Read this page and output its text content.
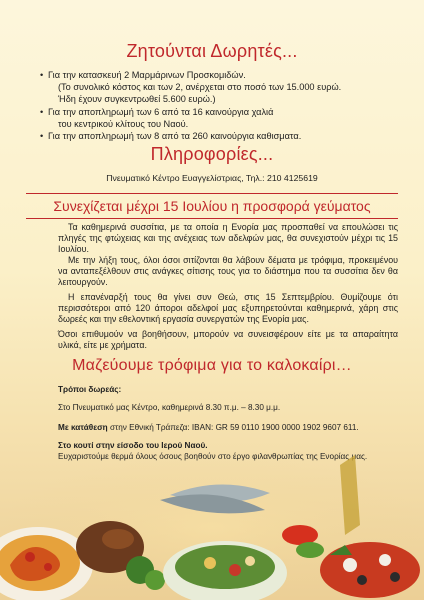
Ζητούνται Δωρητές...
• Για την κατασκευή 2 Μαρμάρινων Προσκομιδών.
(Το συνολικό κόστος και των 2, ανέρχεται στο ποσό των 15.000 ευρώ.
Ήδη έχουν συγκεντρωθεί 5.600 ευρώ.)
• Για την αποπληρωμή των 6 από τα 16 καινούργια χαλιά
του κεντρικού κλίτους του Ναού.
• Για την αποπληρωμή των 8 από τα 260 καινούργια καθισματα.
Πληροφορίες...
Πνευματικό Κέντρο Ευαγγελίστριας, Τηλ.: 210 4125619
Συνεχίζεται μέχρι 15 Ιουλίου η προσφορά γεύματος

Τα καθημερινά συσσίτια, με τα οποία η Ενορία μας προσπαθεί να επουλώσει τις πληγές της φτώχειας και της ανέχειας των αδελφών μας, θα συνεχιστούν μέχρι τις 15 Ιουλίου.

Με την λήξη τους, όλοι όσοι σιτίζονται θα λάβουν δέματα με τρόφιμα, προκειμένου να ανταπεξέλθουν στις ανάγκες σίτισης τους για το διάστημα που τα συσσίτια δεν θα λειτουργούν.

Η επανέναρξή τους θα γίνει συν Θεώ, στις 15 Σεπτεμβρίου. Θυμίζουμε ότι περισσότεροι από 120 άποροι αδελφοί μας εξυπηρετούνται καθημερινά, χάρη στις δωρεές και την εθελοντική εργασία συνεργατών της Ενορία μας.

Όσοι επιθυμούν να βοηθήσουν, μπορούν να συνεισφέρουν είτε με τα απαραίτητα υλικά, είτε με χρήματα.

Μαζεύουμε τρόφιμα για το καλοκαίρι…

Τρόποι δωρεάς:

Στο Πνευματικό μας Κέντρο, καθημερινά 8.30 π.μ. – 8.30 μ.μ.

Με κατάθεση στην Εθνική Τράπεζα: IBAN: GR 59 0110 1900 0000 1902 9607 611.

Στο κουτί στην είσοδο του Ιερού Ναού.

Ευχαριστούμε θερμά όλους όσους βοηθούν στο έργο φιλανθρωπίας της Ενορίας μας.
